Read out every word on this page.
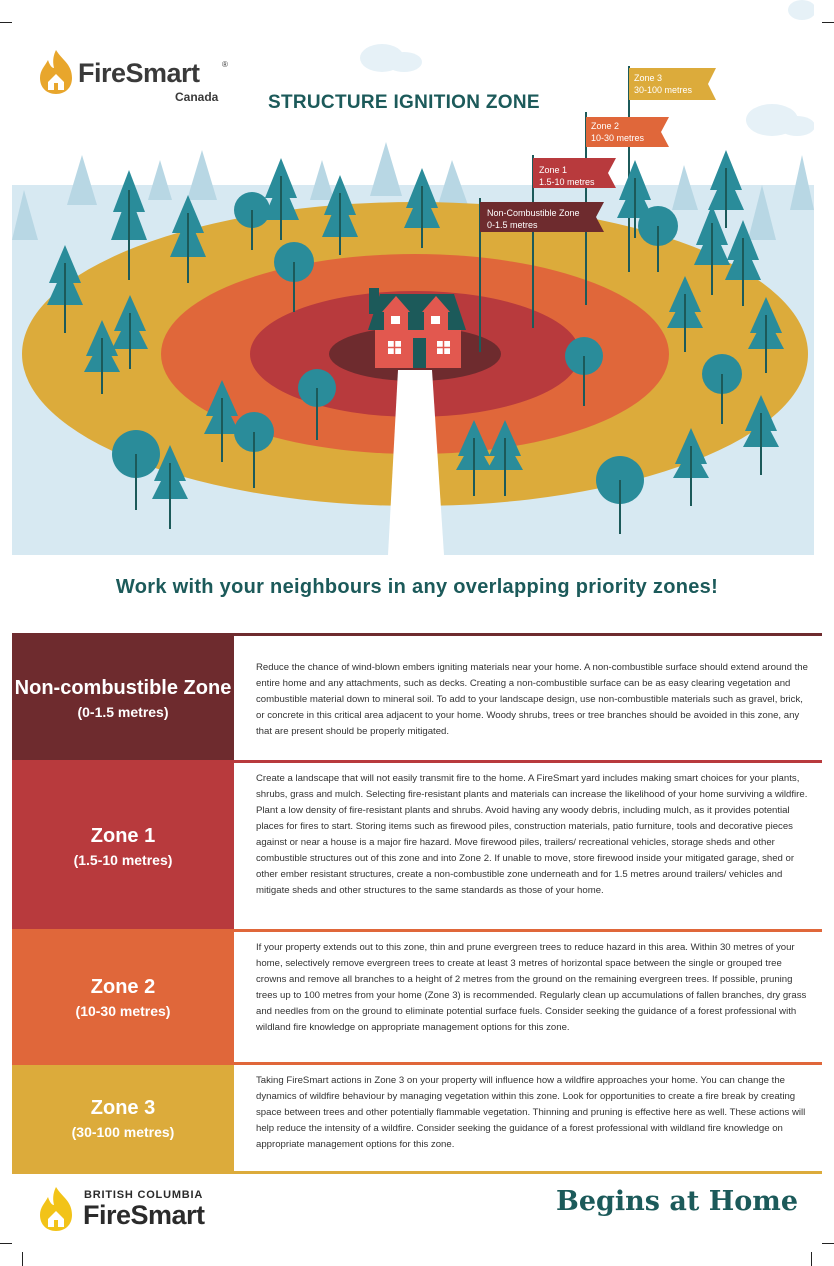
Zone 3
30-100 metres
Zone 2
10-30 metres
Zone 1
1.5-10 metres
Non-Combustible Zone
0-1.5 metres
FireSmart	®
Canada	STRUCTURE IGNITION ZONE
Work with your neighbours in any overlapping priority zones!
Non-combustible Zone
(0-1.5 metres)
Reduce the chance of wind-blown embers igniting materials near your home. A non-combustible surface should extend around the entire home and any attachments, such as decks. Creating a non-combustible surface can be as easy clearing vegetation and combustible material down to mineral soil. To add to your landscape design, use non-combustible materials such as gravel, brick, or concrete in this critical area adjacent to your home. Woody shrubs, trees or tree branches should be avoided in this zone, any that are present should be properly mitigated.
Zone 1
(1.5-10 metres)
Create a landscape that will not easily transmit fire to the home. A FireSmart yard includes making smart choices for your plants, shrubs, grass and mulch. Selecting fire-resistant plants and materials can increase the likelihood of your home surviving a wildfire. Plant a low density of fire-resistant plants and shrubs. Avoid having any woody debris, including mulch, as it provides potential places for fires to start. Storing items such as firewood piles, construction materials, patio furniture, tools and decorative pieces against or near a house is a major fire hazard. Move firewood piles, trailers/ recreational vehicles, storage sheds and other combustible structures out of this zone and into Zone 2. If unable to move, store firewood inside your mitigated garage, shed or other ember resistant structures, create a non-combustible zone underneath and for 1.5 metres around trailers/ vehicles and mitigate sheds and other structures to the same standards as those of your home.
Zone 2
(10-30 metres)
If your property extends out to this zone, thin and prune evergreen trees to reduce hazard in this area. Within 30 metres of your home, selectively remove evergreen trees to create at least 3 metres of horizontal space between the single or grouped tree crowns and remove all branches to a height of 2 metres from the ground on the remaining evergreen trees. If possible, pruning trees up to 100 metres from your home (Zone 3) is recommended. Regularly clean up accumulations of fallen branches, dry grass and needles from on the ground to eliminate potential surface fuels. Consider seeking the guidance of a forest professional with wildland fire knowledge on appropriate management options for this zone.
Zone 3
(30-100 metres)
Taking FireSmart actions in Zone 3 on your property will influence how a wildfire approaches your home. You can change the dynamics of wildfire behaviour by managing vegetation within this zone. Look for opportunities to create a fire break by creating space between trees and other potentially flammable vegetation. Thinning and pruning is effective here as well. These actions will help reduce the intensity of a wildfire. Consider seeking the guidance of a forest professional with wildland fire knowledge on appropriate management options for this zone.
BRITISH COLUMBIA
FireSmart	Begins at Home
